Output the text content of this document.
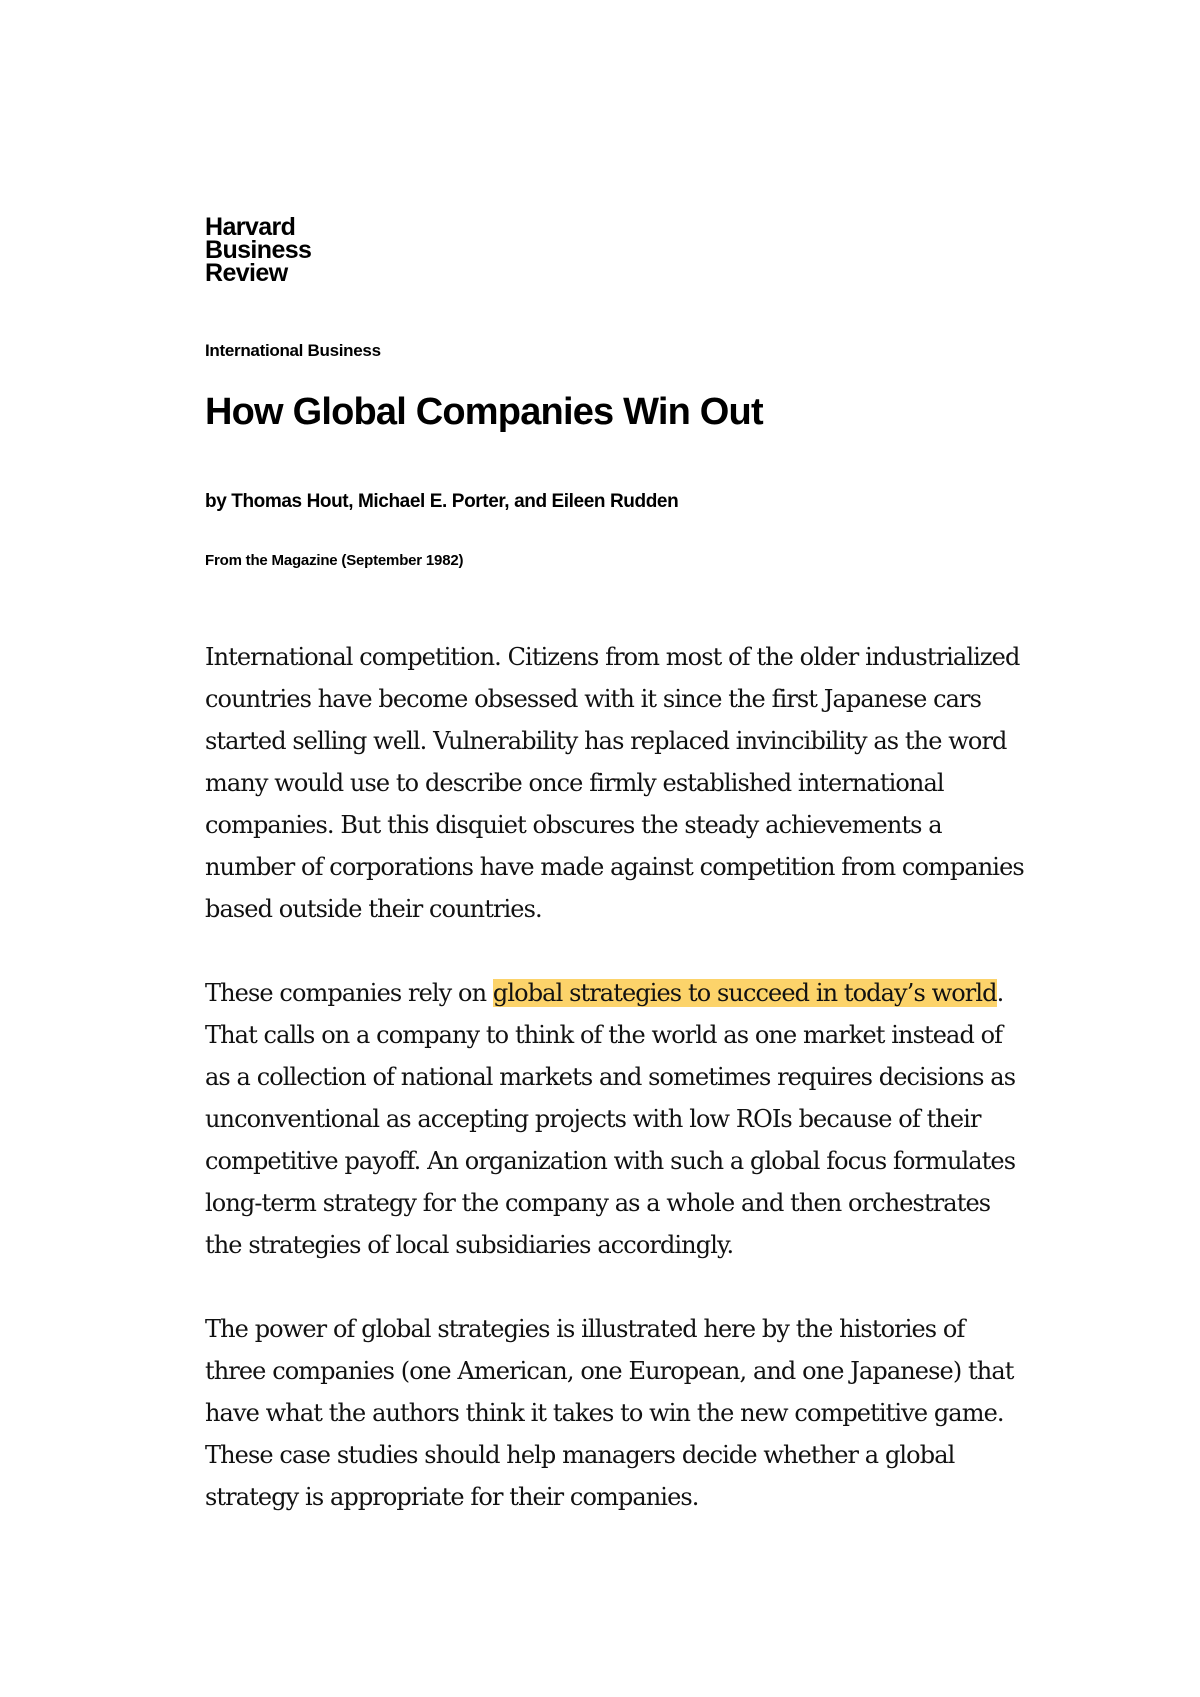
Harvard
Business
Review
International Business
How Global Companies Win Out
by Thomas Hout, Michael E. Porter, and Eileen Rudden
From the Magazine (September 1982)

International competition. Citizens from most of the older industrialized countries have become obsessed with it since the first Japanese cars started selling well. Vulnerability has replaced invincibility as the word many would use to describe once firmly established international companies. But this disquiet obscures the steady achievements a number of corporations have made against competition from companies based outside their countries.

These companies rely on global strategies to succeed in today’s world. That calls on a company to think of the world as one market instead of as a collection of national markets and sometimes requires decisions as unconventional as accepting projects with low ROIs because of their competitive payoff. An organization with such a global focus formulates long-term strategy for the company as a whole and then orchestrates the strategies of local subsidiaries accordingly.

The power of global strategies is illustrated here by the histories of three companies (one American, one European, and one Japanese) that have what the authors think it takes to win the new competitive game. These case studies should help managers decide whether a global strategy is appropriate for their companies.
